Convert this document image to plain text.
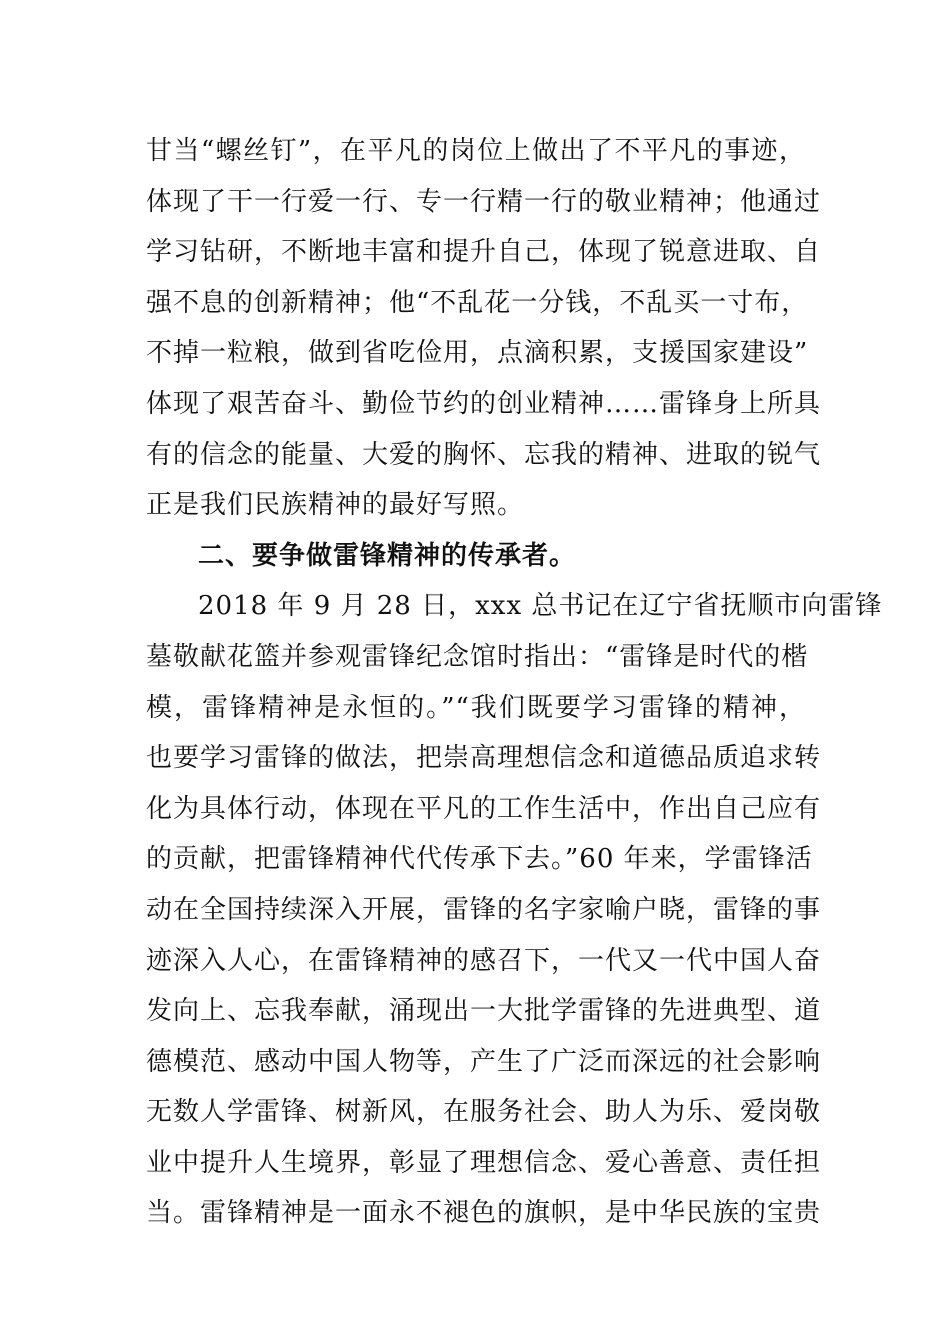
甘当“螺丝钉”，在平凡的岗位上做出了不平凡的事迹，
体现了干一行爱一行、专一行精一行的敬业精神；他通过
学习钻研，不断地丰富和提升自己，体现了锐意进取、自
强不息的创新精神；他“不乱花一分钱，不乱买一寸布，
不掉一粒粮，做到省吃俭用，点滴积累，支援国家建设”
体现了艰苦奋斗、勤俭节约的创业精神……雷锋身上所具
有的信念的能量、大爱的胸怀、忘我的精神、进取的锐气
正是我们民族精神的最好写照。
二、要争做雷锋精神的传承者。
2018 年 9 月 28 日，xxx 总书记在辽宁省抚顺市向雷锋
墓敬献花篮并参观雷锋纪念馆时指出：“雷锋是时代的楷
模，雷锋精神是永恒的。”“我们既要学习雷锋的精神，
也要学习雷锋的做法，把崇高理想信念和道德品质追求转
化为具体行动，体现在平凡的工作生活中，作出自己应有
的贡献，把雷锋精神代代传承下去。”60 年来，学雷锋活
动在全国持续深入开展，雷锋的名字家喻户晓，雷锋的事
迹深入人心，在雷锋精神的感召下，一代又一代中国人奋
发向上、忘我奉献，涌现出一大批学雷锋的先进典型、道
德模范、感动中国人物等，产生了广泛而深远的社会影响
无数人学雷锋、树新风，在服务社会、助人为乐、爱岗敬
业中提升人生境界，彰显了理想信念、爱心善意、责任担
当。雷锋精神是一面永不褪色的旗帜，是中华民族的宝贵
